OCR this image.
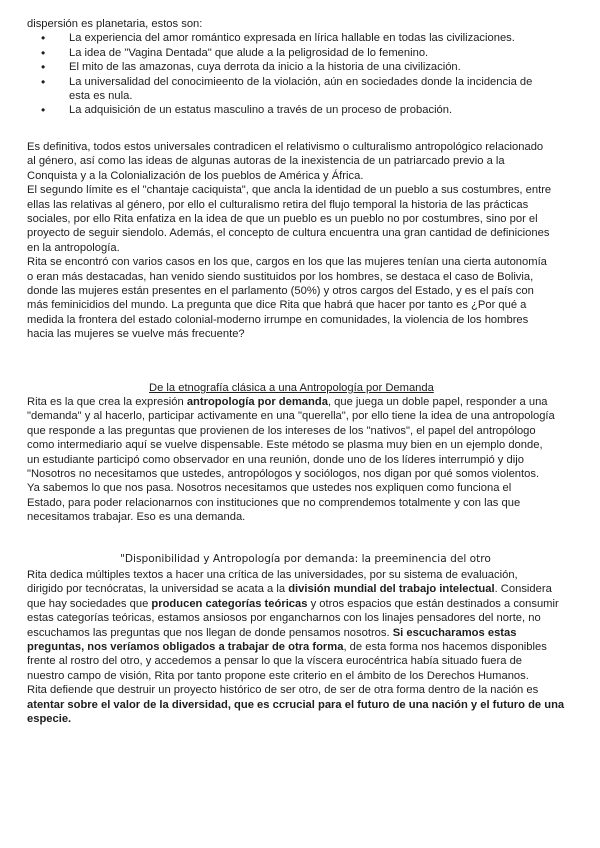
dispersión es planetaria, estos son:
• La experiencia del amor romántico expresada en lírica hallable en todas las civilizaciones.
• La idea de "Vagina Dentada" que alude a la peligrosidad de lo femenino.
• El mito de las amazonas, cuya derrota da inicio a la historia de una civilización.
• La universalidad del conocimieento de la violación, aún en sociedades donde la incidencia de
esta es nula.
• La adquisición de un estatus masculino a través de un proceso de probación.
Es definitiva, todos estos universales contradicen el relativismo o culturalismo antropológico relacionado
al género, así como las ideas de algunas autoras de la inexistencia de un patriarcado previo a la
Conquista y a la Colonialización de los pueblos de América y África.
El segundo límite es el "chantaje caciquista", que ancla la identidad de un pueblo a sus costumbres, entre
ellas las relativas al género, por ello el culturalismo retira del flujo temporal la historia de las prácticas
sociales, por ello Rita enfatiza en la idea de que un pueblo es un pueblo no por costumbres, sino por el
proyecto de seguir siendolo. Además, el concepto de cultura encuentra una gran cantidad de definiciones
en la antropología.
Rita se encontró con varios casos en los que, cargos en los que las mujeres tenían una cierta autonomía
o eran más destacadas, han venido siendo sustituidos por los hombres, se destaca el caso de Bolivia,
donde las mujeres están presentes en el parlamento (50%) y otros cargos del Estado, y es el país con
más feminicidios del mundo. La pregunta que dice Rita que habrá que hacer por tanto es ¿Por qué a
medida la frontera del estado colonial-moderno irrumpe en comunidades, la violencia de los hombres
hacia las mujeres se vuelve más frecuente?
De la etnografía clásica a una Antropología por Demanda
Rita es la que crea la expresión antropología por demanda, que juega un doble papel, responder a una
"demanda" y al hacerlo, participar activamente en una "querella", por ello tiene la idea de una antropología
que responde a las preguntas que provienen de los intereses de los "nativos", el papel del antropólogo
como intermediario aquí se vuelve dispensable. Este método se plasma muy bien en un ejemplo donde,
un estudiante participó como observador en una reunión, donde uno de los líderes interrumpió y dijo
"Nosotros no necesitamos que ustedes, antropólogos y sociólogos, nos digan por qué somos violentos.
Ya sabemos lo que nos pasa. Nosotros necesitamos que ustedes nos expliquen como funciona el
Estado, para poder relacionarnos con instituciones que no comprendemos totalmente y con las que
necesitamos trabajar. Eso es una demanda.
"Disponibilidad y Antropología por demanda: la preeminencia del otro
Rita dedica múltiples textos a hacer una crítica de las universidades, por su sistema de evaluación,
dirigido por tecnócratas, la universidad se acata a la división mundial del trabajo intelectual. Considera
que hay sociedades que producen categorías teóricas y otros espacios que están destinados a consumir
estas categorías teóricas, estamos ansiosos por engancharnos con los linajes pensadores del norte, no
escuchamos las preguntas que nos llegan de donde pensamos nosotros. Si escucharamos estas
preguntas, nos veríamos obligados a trabajar de otra forma, de esta forma nos hacemos disponibles
frente al rostro del otro, y accedemos a pensar lo que la víscera eurocéntrica había situado fuera de
nuestro campo de visión, Rita por tanto propone este criterio en el ámbito de los Derechos Humanos.
Rita defiende que destruir un proyecto histórico de ser otro, de ser de otra forma dentro de la nación es
atentar sobre el valor de la diversidad, que es ccrucial para el futuro de una nación y el futuro de una
especie.
